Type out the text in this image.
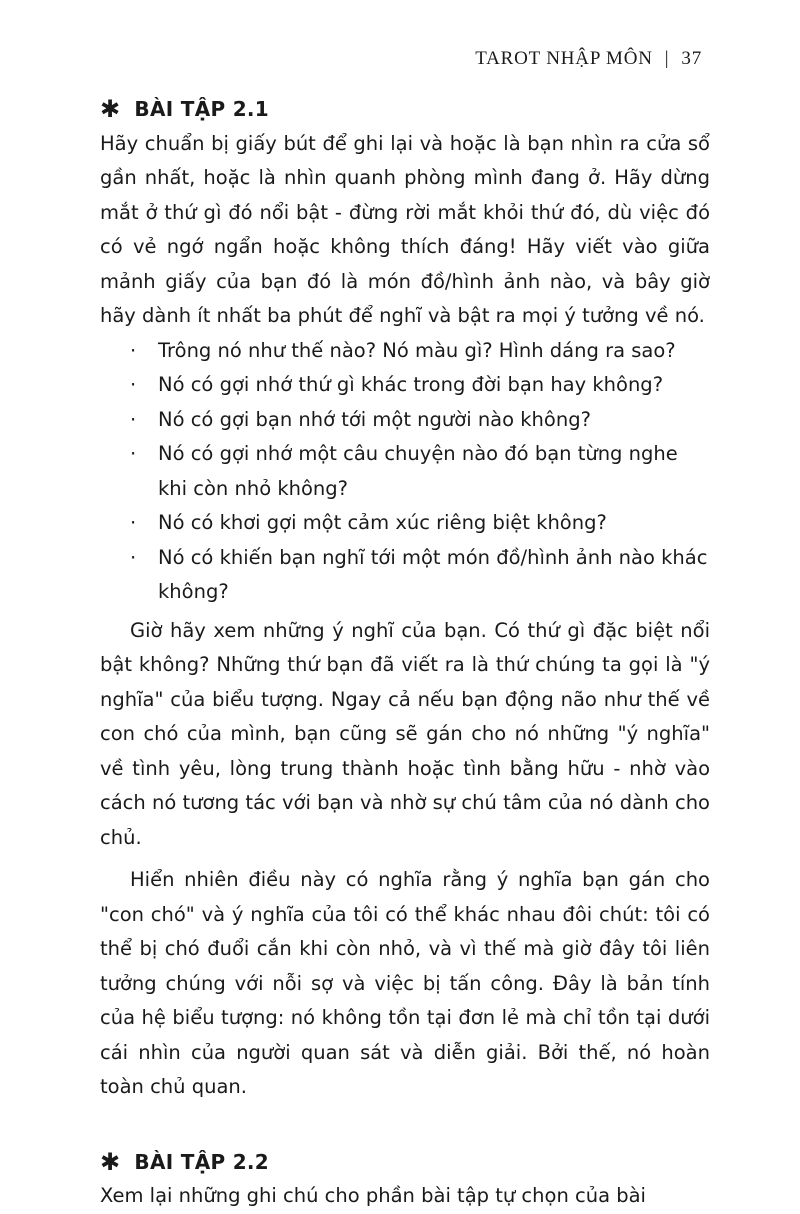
TAROT NHẬP MÔN | 37
✱ BÀI TẬP 2.1

Hãy chuẩn bị giấy bút để ghi lại và hoặc là bạn nhìn ra cửa sổ gần nhất, hoặc là nhìn quanh phòng mình đang ở. Hãy dừng mắt ở thứ gì đó nổi bật - đừng rời mắt khỏi thứ đó, dù việc đó có vẻ ngớ ngẩn hoặc không thích đáng! Hãy viết vào giữa mảnh giấy của bạn đó là món đồ/hình ảnh nào, và bây giờ hãy dành ít nhất ba phút để nghĩ và bật ra mọi ý tưởng về nó.

· Trông nó như thế nào? Nó màu gì? Hình dáng ra sao?
· Nó có gợi nhớ thứ gì khác trong đời bạn hay không?
· Nó có gợi bạn nhớ tới một người nào không?
· Nó có gợi nhớ một câu chuyện nào đó bạn từng nghe khi còn nhỏ không?
· Nó có khơi gợi một cảm xúc riêng biệt không?
· Nó có khiến bạn nghĩ tới một món đồ/hình ảnh nào khác không?

Giờ hãy xem những ý nghĩ của bạn. Có thứ gì đặc biệt nổi bật không? Những thứ bạn đã viết ra là thứ chúng ta gọi là "ý nghĩa" của biểu tượng. Ngay cả nếu bạn động não như thế về con chó của mình, bạn cũng sẽ gán cho nó những "ý nghĩa" về tình yêu, lòng trung thành hoặc tình bằng hữu - nhờ vào cách nó tương tác với bạn và nhờ sự chú tâm của nó dành cho chủ.

Hiển nhiên điều này có nghĩa rằng ý nghĩa bạn gán cho "con chó" và ý nghĩa của tôi có thể khác nhau đôi chút: tôi có thể bị chó đuổi cắn khi còn nhỏ, và vì thế mà giờ đây tôi liên tưởng chúng với nỗi sợ và việc bị tấn công. Đây là bản tính của hệ biểu tượng: nó không tồn tại đơn lẻ mà chỉ tồn tại dưới cái nhìn của người quan sát và diễn giải. Bởi thế, nó hoàn toàn chủ quan.

✱ BÀI TẬP 2.2

Xem lại những ghi chú cho phần bài tập tự chọn của bài
